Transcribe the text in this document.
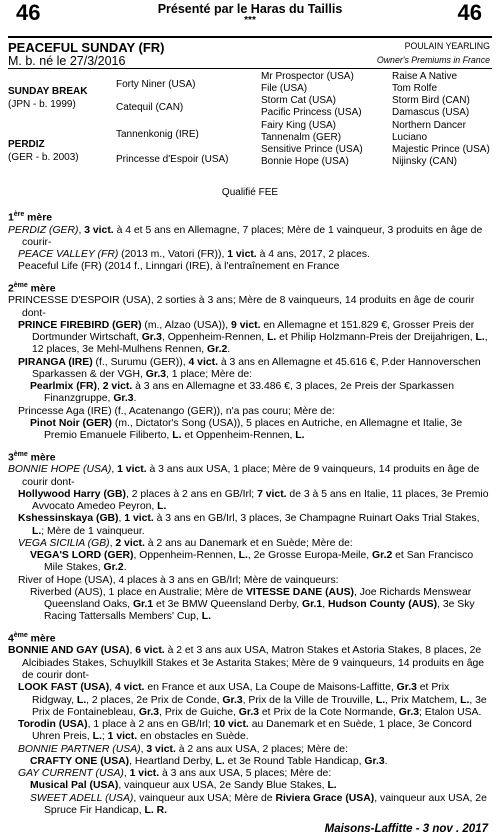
46	Présenté par le Haras du Taillis
***	46
PEACEFUL SUNDAY (FR)
M. b. né le 27/3/2016
POULAIN YEARLING
Owner's Premiums in France
SUNDAY BREAK
(JPN - b. 1999)
PERDIZ
(GER - b. 2003)
Forty Niner (USA)
Catequil (CAN)
Tannenkonig (IRE)
Princesse d'Espoir (USA)
Mr Prospector (USA)
File (USA)
Storm Cat (USA)
Pacific Princess (USA)
Fairy King (USA)
Tannenalm (GER)
Sensitive Prince (USA)
Bonnie Hope (USA)
Raise A Native
Tom Rolfe
Storm Bird (CAN)
Damascus (USA)
Northern Dancer
Luciano
Majestic Prince (USA)
Nijinsky (CAN)
Qualifié FEE
1ère mère

PERDIZ (GER), 3 vict. à 4 et 5 ans en Allemagne, 7 places; Mère de 1 vainqueur, 3 produits en âge de courir-

PEACE VALLEY (FR) (2013 m., Vatori (FR)), 1 vict. à 4 ans, 2017, 2 places.

Peaceful Life (FR) (2014 f., Linngari (IRE), à l'entraînement en France

2ème mère

PRINCESSE D'ESPOIR (USA), 2 sorties à 3 ans; Mère de 8 vainqueurs, 14 produits en âge de courir dont-

PRINCE FIREBIRD (GER) (m., Alzao (USA)), 9 vict. en Allemagne et 151.829 €, Grosser Preis der Dortmunder Wirtschaft, Gr.3, Oppenheim-Rennen, L. et Philip Holzmann-Preis der Dreijahrigen, L., 12 places, 3e Mehl-Mulhens Rennen, Gr.2.

PIRANGA (IRE) (f., Surumu (GER)), 4 vict. à 3 ans en Allemagne et 45.616 €, P.der Hannoverschen Sparkassen & der VGH, Gr.3, 1 place; Mère de:

Pearlmix (FR), 2 vict. à 3 ans en Allemagne et 33.486 €, 3 places, 2e Preis der Sparkassen Finanzgruppe, Gr.3.

Princesse Aga (IRE) (f., Acatenango (GER)), n'a pas couru; Mère de:

Pinot Noir (GER) (m., Dictator's Song (USA)), 5 places en Autriche, en Allemagne et Italie, 3e Premio Emanuele Filiberto, L. et Oppenheim-Rennen, L.

3ème mère

BONNIE HOPE (USA), 1 vict. à 3 ans aux USA, 1 place; Mère de 9 vainqueurs, 14 produits en âge de courir dont-

Hollywood Harry (GB), 2 places à 2 ans en GB/Irl; 7 vict. de 3 à 5 ans en Italie, 11 places, 3e Premio Avvocato Amedeo Peyron, L.

Kshessinskaya (GB), 1 vict. à 3 ans en GB/Irl, 3 places, 3e Champagne Ruinart Oaks Trial Stakes, L.; Mère de 1 vainqueur.

VEGA SICILIA (GB), 2 vict. à 2 ans au Danemark et en Suède; Mère de:

VEGA'S LORD (GER), Oppenheim-Rennen, L., 2e Grosse Europa-Meile, Gr.2 et San Francisco Mile Stakes, Gr.2.

River of Hope (USA), 4 places à 3 ans en GB/Irl; Mère de vainqueurs:

Riverbed (AUS), 1 place en Australie; Mère de VITESSE DANE (AUS), Joe Richards Menswear Queensland Oaks, Gr.1 et 3e BMW Queensland Derby, Gr.1, Hudson County (AUS), 3e Sky Racing Tattersalls Members' Cup, L.

4ème mère

BONNIE AND GAY (USA), 6 vict. à 2 et 3 ans aux USA, Matron Stakes et Astoria Stakes, 8 places, 2e Alcibiades Stakes, Schuylkill Stakes et 3e Astarita Stakes; Mère de 9 vainqueurs, 14 produits en âge de courir dont-

LOOK FAST (USA), 4 vict. en France et aux USA, La Coupe de Maisons-Laffitte, Gr.3 et Prix Ridgway, L., 2 places, 2e Prix de Conde, Gr.3, Prix de la Ville de Trouville, L., Prix Matchem, L., 3e Prix de Fontainebleau, Gr.3, Prix de Guiche, Gr.3 et Prix de la Cote Normande, Gr.3; Etalon USA.

Torodin (USA), 1 place à 2 ans en GB/Irl; 10 vict. au Danemark et en Suède, 1 place, 3e Concord Uhren Preis, L.; 1 vict. en obstacles en Suède.

BONNIE PARTNER (USA), 3 vict. à 2 ans aux USA, 2 places; Mère de:

CRAFTY ONE (USA), Heartland Derby, L. et 3e Round Table Handicap, Gr.3.

GAY CURRENT (USA), 1 vict. à 3 ans aux USA, 5 places; Mère de:

Musical Pal (USA), vainqueur aux USA, 2e Sandy Blue Stakes, L.

SWEET ADELL (USA), vainqueur aux USA; Mère de Riviera Grace (USA), vainqueur aux USA, 2e Spruce Fir Handicap, L. R.

Maisons-Laffitte - 3 nov . 2017
